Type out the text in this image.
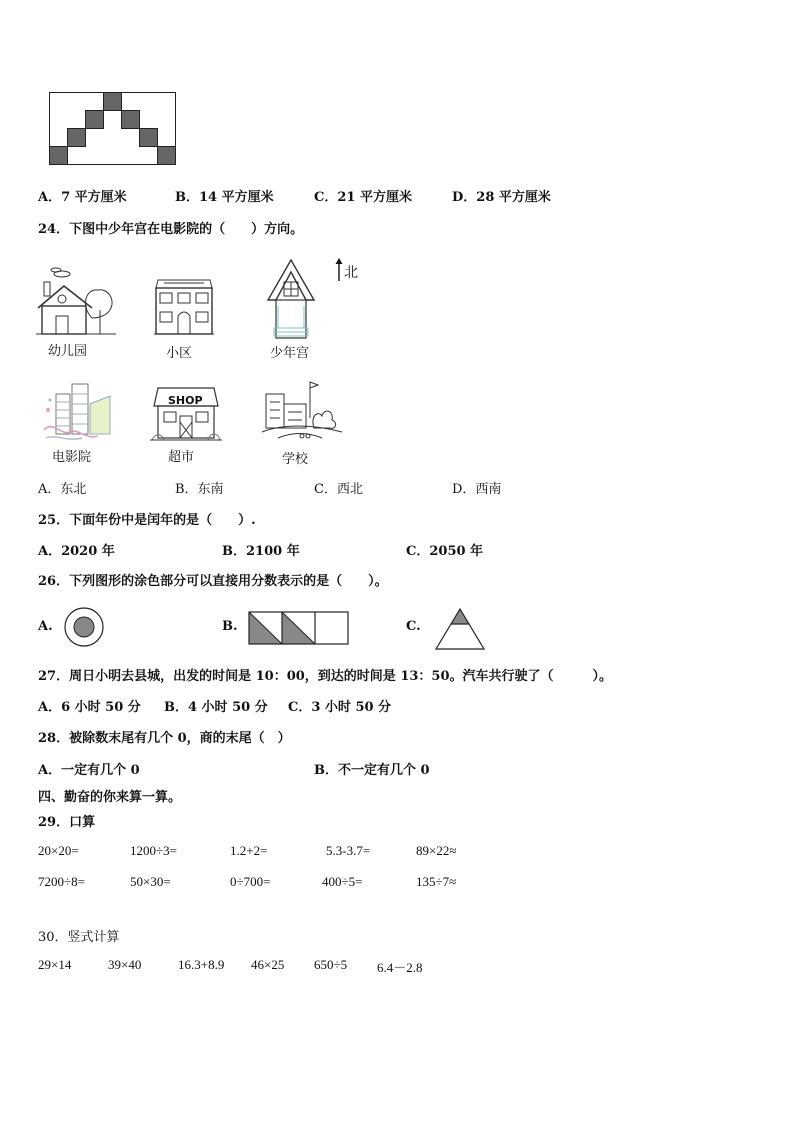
A．7 平方厘米	B．14 平方厘米	C．21 平方厘米	D．28 平方厘米
24．下图中少年宫在电影院的（　　）方向。
北
幼儿园	小区	少年宫
电影院
SHOP
超市	学校
A．东北	B．东南	C．西北	D．西南
25．下面年份中是闰年的是（　　）.
A．2020 年	B．2100 年	C．2050 年
26．下列图形的涂色部分可以直接用分数表示的是（　　）。
A.	B.	C.
27．周日小明去县城，出发的时间是 10：00，到达的时间是 13：50。汽车共行驶了（　　　）。
A．6 小时 50 分 B．4 小时 50 分 C．3 小时 50 分
28．被除数末尾有几个 0，商的末尾（　）
A．一定有几个 0	B．不一定有几个 0
四、勤奋的你来算一算。
29．口算
20×20=	1200÷3=	1.2+2=	5.3-3.7=	89×22≈
7200÷8=	50×30=	0÷700=	400÷5=	135÷7≈
30．竖式计算
29×14	39×40	16.3+8.9 46×25 650÷5 6.4－2.8
